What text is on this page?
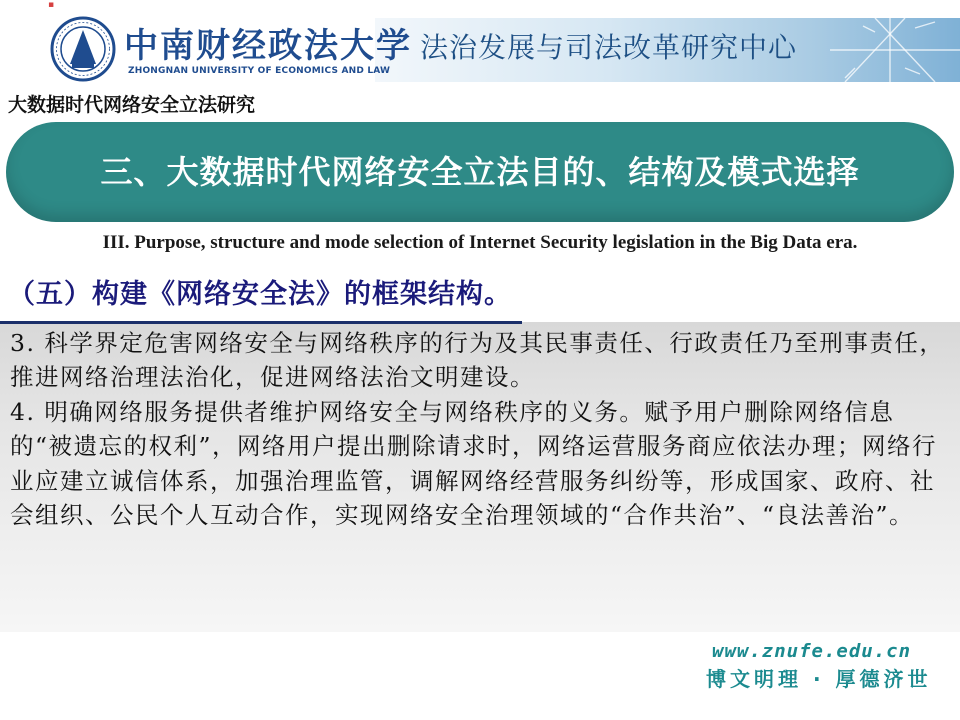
▪
中南财经政法大学
ZHONGNAN UNIVERSITY OF ECONOMICS AND LAW
法治发展与司法改革研究中心
大数据时代网络安全立法研究
三、大数据时代网络安全立法目的、结构及模式选择
III. Purpose, structure and mode selection of Internet Security legislation in the Big Data era.
（五）构建《网络安全法》的框架结构。

3. 科学界定危害网络安全与网络秩序的行为及其民事责任、行政责任乃至刑事责任，推进网络治理法治化，促进网络法治文明建设。

4. 明确网络服务提供者维护网络安全与网络秩序的义务。赋予用户删除网络信息的“被遗忘的权利”，网络用户提出删除请求时，网络运营服务商应依法办理；网络行业应建立诚信体系，加强治理监管，调解网络经营服务纠纷等，形成国家、政府、社会组织、公民个人互动合作，实现网络安全治理领域的“合作共治”、“良法善治”。

www.znufe.edu.cn
博文明理 · 厚德济世
